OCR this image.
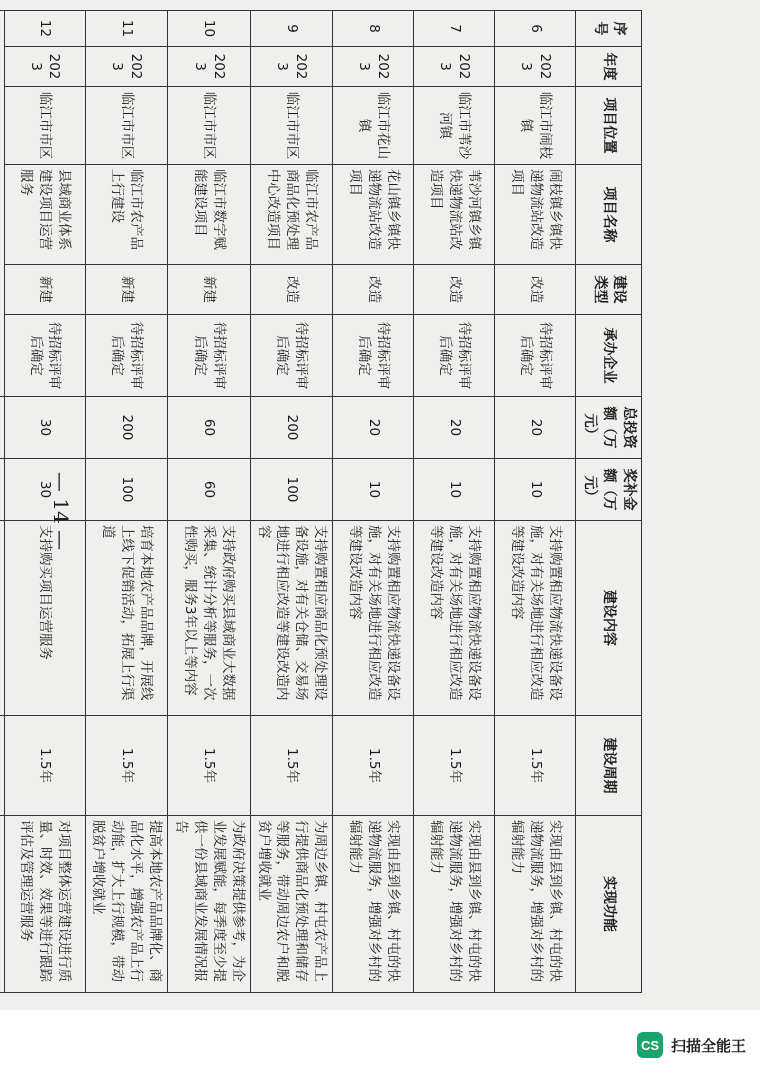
序号	年度	项目位置	项目名称	建设类型	承办企业	总投资额（万元）	奖补金额（万元）	建设内容	建设周期	实现功能
6	2023	临江市闹枝镇	闹枝镇乡镇快递物流站改造项目	改造	待招标评审后确定	20	10	支持购置相应物流快递设备设施，对有关场地进行相应改造等建设改造内容	1.5年	实现由县到乡镇、村屯的快递物流服务，增强对乡村的辐射能力
7	2023	临江市苇沙河镇	苇沙河镇乡镇快递物流站改造项目	改造	待招标评审后确定	20	10	支持购置相应物流快递设备设施，对有关场地进行相应改造等建设改造内容	1.5年	实现由县到乡镇、村屯的快递物流服务，增强对乡村的辐射能力
8	2023	临江市花山镇	花山镇乡镇快递物流站改造项目	改造	待招标评审后确定	20	10	支持购置相应物流快递设备设施，对有关场地进行相应改造等建设改造内容	1.5年	实现由县到乡镇、村屯的快递物流服务，增强对乡村的辐射能力
9	2023	临江市市区	临江市农产品商品化预处理中心改造项目	改造	待招标评审后确定	200	100	支持购置相应商品化预处理设备设施，对有关仓储、交易场地进行相应改造等建设改造内容	1.5年	为周边乡镇、村屯农产品上行提供商品化预处理和储存等服务，带动周边农户和脱贫户增收就业
10	2023	临江市市区	临江市数字赋能建设项目	新建	待招标评审后确定	60	60	支持政府购买县域商业大数据采集、统计分析等服务，一次性购买，服务3年以上等内容	1.5年	为政府决策提供参考，为企业发展赋能，每季度至少提供一份县域商业发展情况报告
11	2023	临江市市区	临江市农产品上行建设	新建	待招标评审后确定	200	100	培育本地农产品品牌，开展线上线下促销活动，拓展上行渠道	1.5年	提高本地农产品品牌化、商品化水平，增强农产品上行动能，扩大上行规模，带动脱贫户增收就业
12	2023	临江市市区	县域商业体系建设项目运营服务	新建	待招标评审后确定	30	30	支持购买项目运营服务	1.5年	对项目整体运营建设进行质量、时效、效果等进行跟踪评估及管理运营服务

— 14 —
CS 扫描全能王
